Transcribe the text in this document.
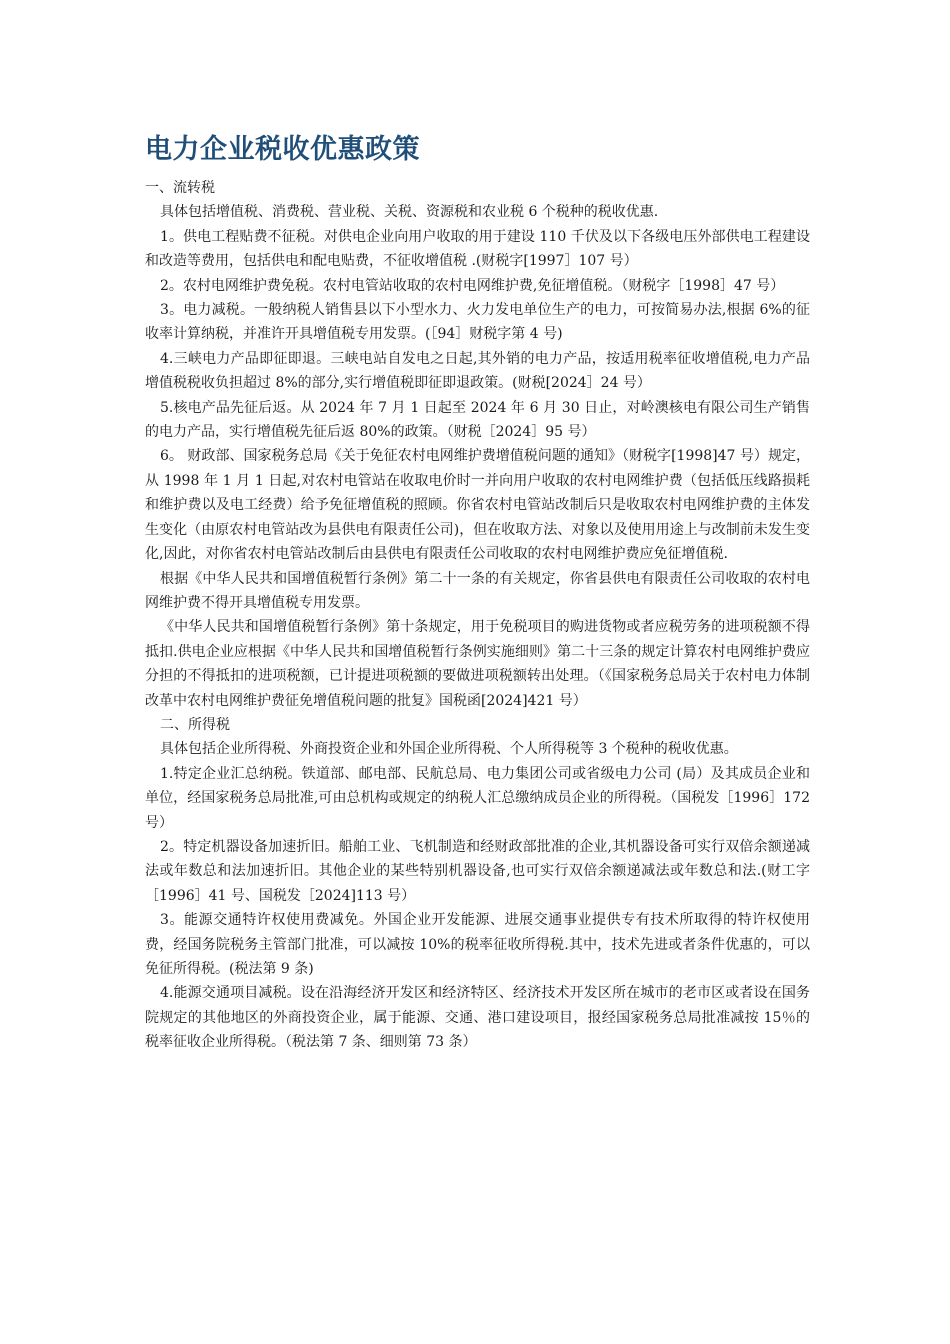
电力企业税收优惠政策

一、流转税

具体包括增值税、消费税、营业税、关税、资源税和农业税 6 个税种的税收优惠.

1。供电工程贴费不征税。对供电企业向用户收取的用于建设 110 千伏及以下各级电压外部供电工程建设和改造等费用，包括供电和配电贴费，不征收增值税 .(财税字[1997］107 号）

2。农村电网维护费免税。农村电管站收取的农村电网维护费,免征增值税。（财税字［1998］47 号）

3。电力减税。一般纳税人销售县以下小型水力、火力发电单位生产的电力，可按简易办法,根据 6%的征收率计算纳税，并准许开具增值税专用发票。(［94］财税字第 4 号)

4.三峡电力产品即征即退。三峡电站自发电之日起,其外销的电力产品，按适用税率征收增值税,电力产品增值税税收负担超过 8%的部分,实行增值税即征即退政策。(财税[2024］24 号）

5.核电产品先征后返。从 2024 年 7 月 1 日起至 2024 年 6 月 30 日止，对岭澳核电有限公司生产销售的电力产品，实行增值税先征后返 80%的政策。（财税［2024］95 号）

6。 财政部、国家税务总局《关于免征农村电网维护费增值税问题的通知》（财税字[1998]47 号）规定，从 1998 年 1 月 1 日起,对农村电管站在收取电价时一并向用户收取的农村电网维护费（包括低压线路损耗和维护费以及电工经费）给予免征增值税的照顾。你省农村电管站改制后只是收取农村电网维护费的主体发生变化（由原农村电管站改为县供电有限责任公司)，但在收取方法、对象以及使用用途上与改制前未发生变化,因此，对你省农村电管站改制后由县供电有限责任公司收取的农村电网维护费应免征增值税.

根据《中华人民共和国增值税暂行条例》第二十一条的有关规定，你省县供电有限责任公司收取的农村电网维护费不得开具增值税专用发票。

《中华人民共和国增值税暂行条例》第十条规定，用于免税项目的购进货物或者应税劳务的进项税额不得抵扣.供电企业应根据《中华人民共和国增值税暂行条例实施细则》第二十三条的规定计算农村电网维护费应分担的不得抵扣的进项税额，已计提进项税额的要做进项税额转出处理。（《国家税务总局关于农村电力体制改革中农村电网维护费征免增值税问题的批复》国税函[2024]421 号）

二、所得税

具体包括企业所得税、外商投资企业和外国企业所得税、个人所得税等 3 个税种的税收优惠。

1.特定企业汇总纳税。铁道部、邮电部、民航总局、电力集团公司或省级电力公司 (局）及其成员企业和单位，经国家税务总局批准,可由总机构或规定的纳税人汇总缴纳成员企业的所得税。（国税发［1996］172 号）

2。特定机器设备加速折旧。船舶工业、飞机制造和经财政部批准的企业,其机器设备可实行双倍余额递减法或年数总和法加速折旧。其他企业的某些特别机器设备,也可实行双倍余额递减法或年数总和法.(财工字［1996］41 号、国税发［2024]113 号）

3。能源交通特许权使用费减免。外国企业开发能源、进展交通事业提供专有技术所取得的特许权使用费，经国务院税务主管部门批准，可以减按 10%的税率征收所得税.其中，技术先进或者条件优惠的，可以免征所得税。(税法第 9 条)

4.能源交通项目减税。设在沿海经济开发区和经济特区、经济技术开发区所在城市的老市区或者设在国务院规定的其他地区的外商投资企业，属于能源、交通、港口建设项目，报经国家税务总局批准减按 15％的税率征收企业所得税。（税法第 7 条、细则第 73 条）
